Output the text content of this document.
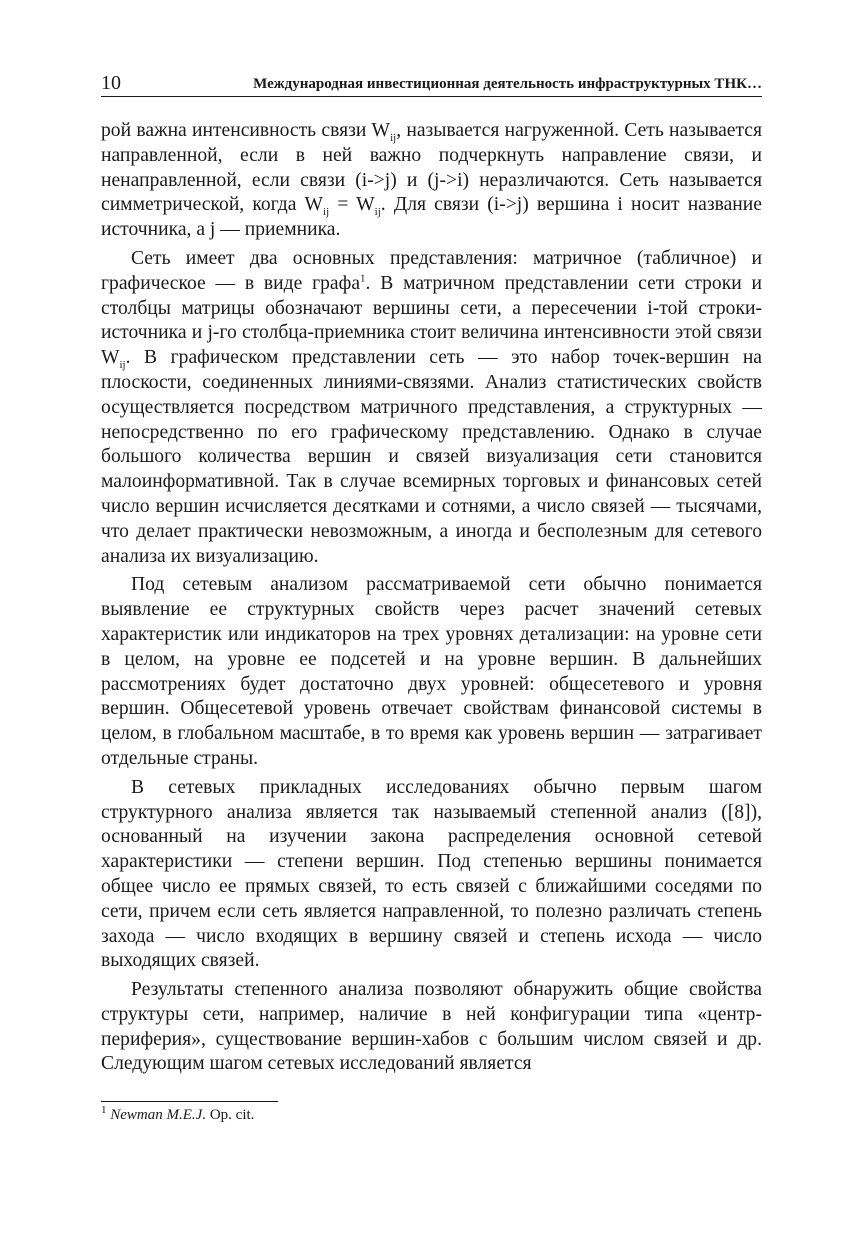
10	Международная инвестиционная деятельность инфраструктурных ТНК…

рой важна интенсивность связи $W_{ij}$, называется нагруженной. Сеть называется направленной, если в ней важно подчеркнуть направление связи, и ненаправленной, если связи (i->j) и (j->i) неразличаются. Сеть называется симметрической, когда $W_{ij} = W_{ij}$. Для связи (i->j) вершина i носит название источника, а j — приемника.

Сеть имеет два основных представления: матричное (табличное) и графическое — в виде графа$^1$. В матричном представлении сети строки и столбцы матрицы обозначают вершины сети, а пересечении i-той строки-источника и j-го столбца-приемника стоит величина интенсивности этой связи $W_{ij}$. В графическом представлении сеть — это набор точек-вершин на плоскости, соединенных линиями-связями. Анализ статистических свойств осуществляется посредством матричного представления, а структурных — непосредственно по его графическому представлению. Однако в случае большого количества вершин и связей визуализация сети становится малоинформативной. Так в случае всемирных торговых и финансовых сетей число вершин исчисляется десятками и сотнями, а число связей — тысячами, что делает практически невозможным, а иногда и бесполезным для сетевого анализа их визуализацию.

Под сетевым анализом рассматриваемой сети обычно понимается выявление ее структурных свойств через расчет значений сетевых характеристик или индикаторов на трех уровнях детализации: на уровне сети в целом, на уровне ее подсетей и на уровне вершин. В дальнейших рассмотрениях будет достаточно двух уровней: общесетевого и уровня вершин. Общесетевой уровень отвечает свойствам финансовой системы в целом, в глобальном масштабе, в то время как уровень вершин — затрагивает отдельные страны.

В сетевых прикладных исследованиях обычно первым шагом структурного анализа является так называемый степенной анализ ([8]), основанный на изучении закона распределения основной сетевой характеристики — степени вершин. Под степенью вершины понимается общее число ее прямых связей, то есть связей с ближайшими соседями по сети, причем если сеть является направленной, то полезно различать степень захода — число входящих в вершину связей и степень исхода — число выходящих связей.

Результаты степенного анализа позволяют обнаружить общие свойства структуры сети, например, наличие в ней конфигурации типа «центр-периферия», существование вершин-хабов с большим числом связей и др. Следующим шагом сетевых исследований является

$^1$ Newman M.E.J. Op. cit.
